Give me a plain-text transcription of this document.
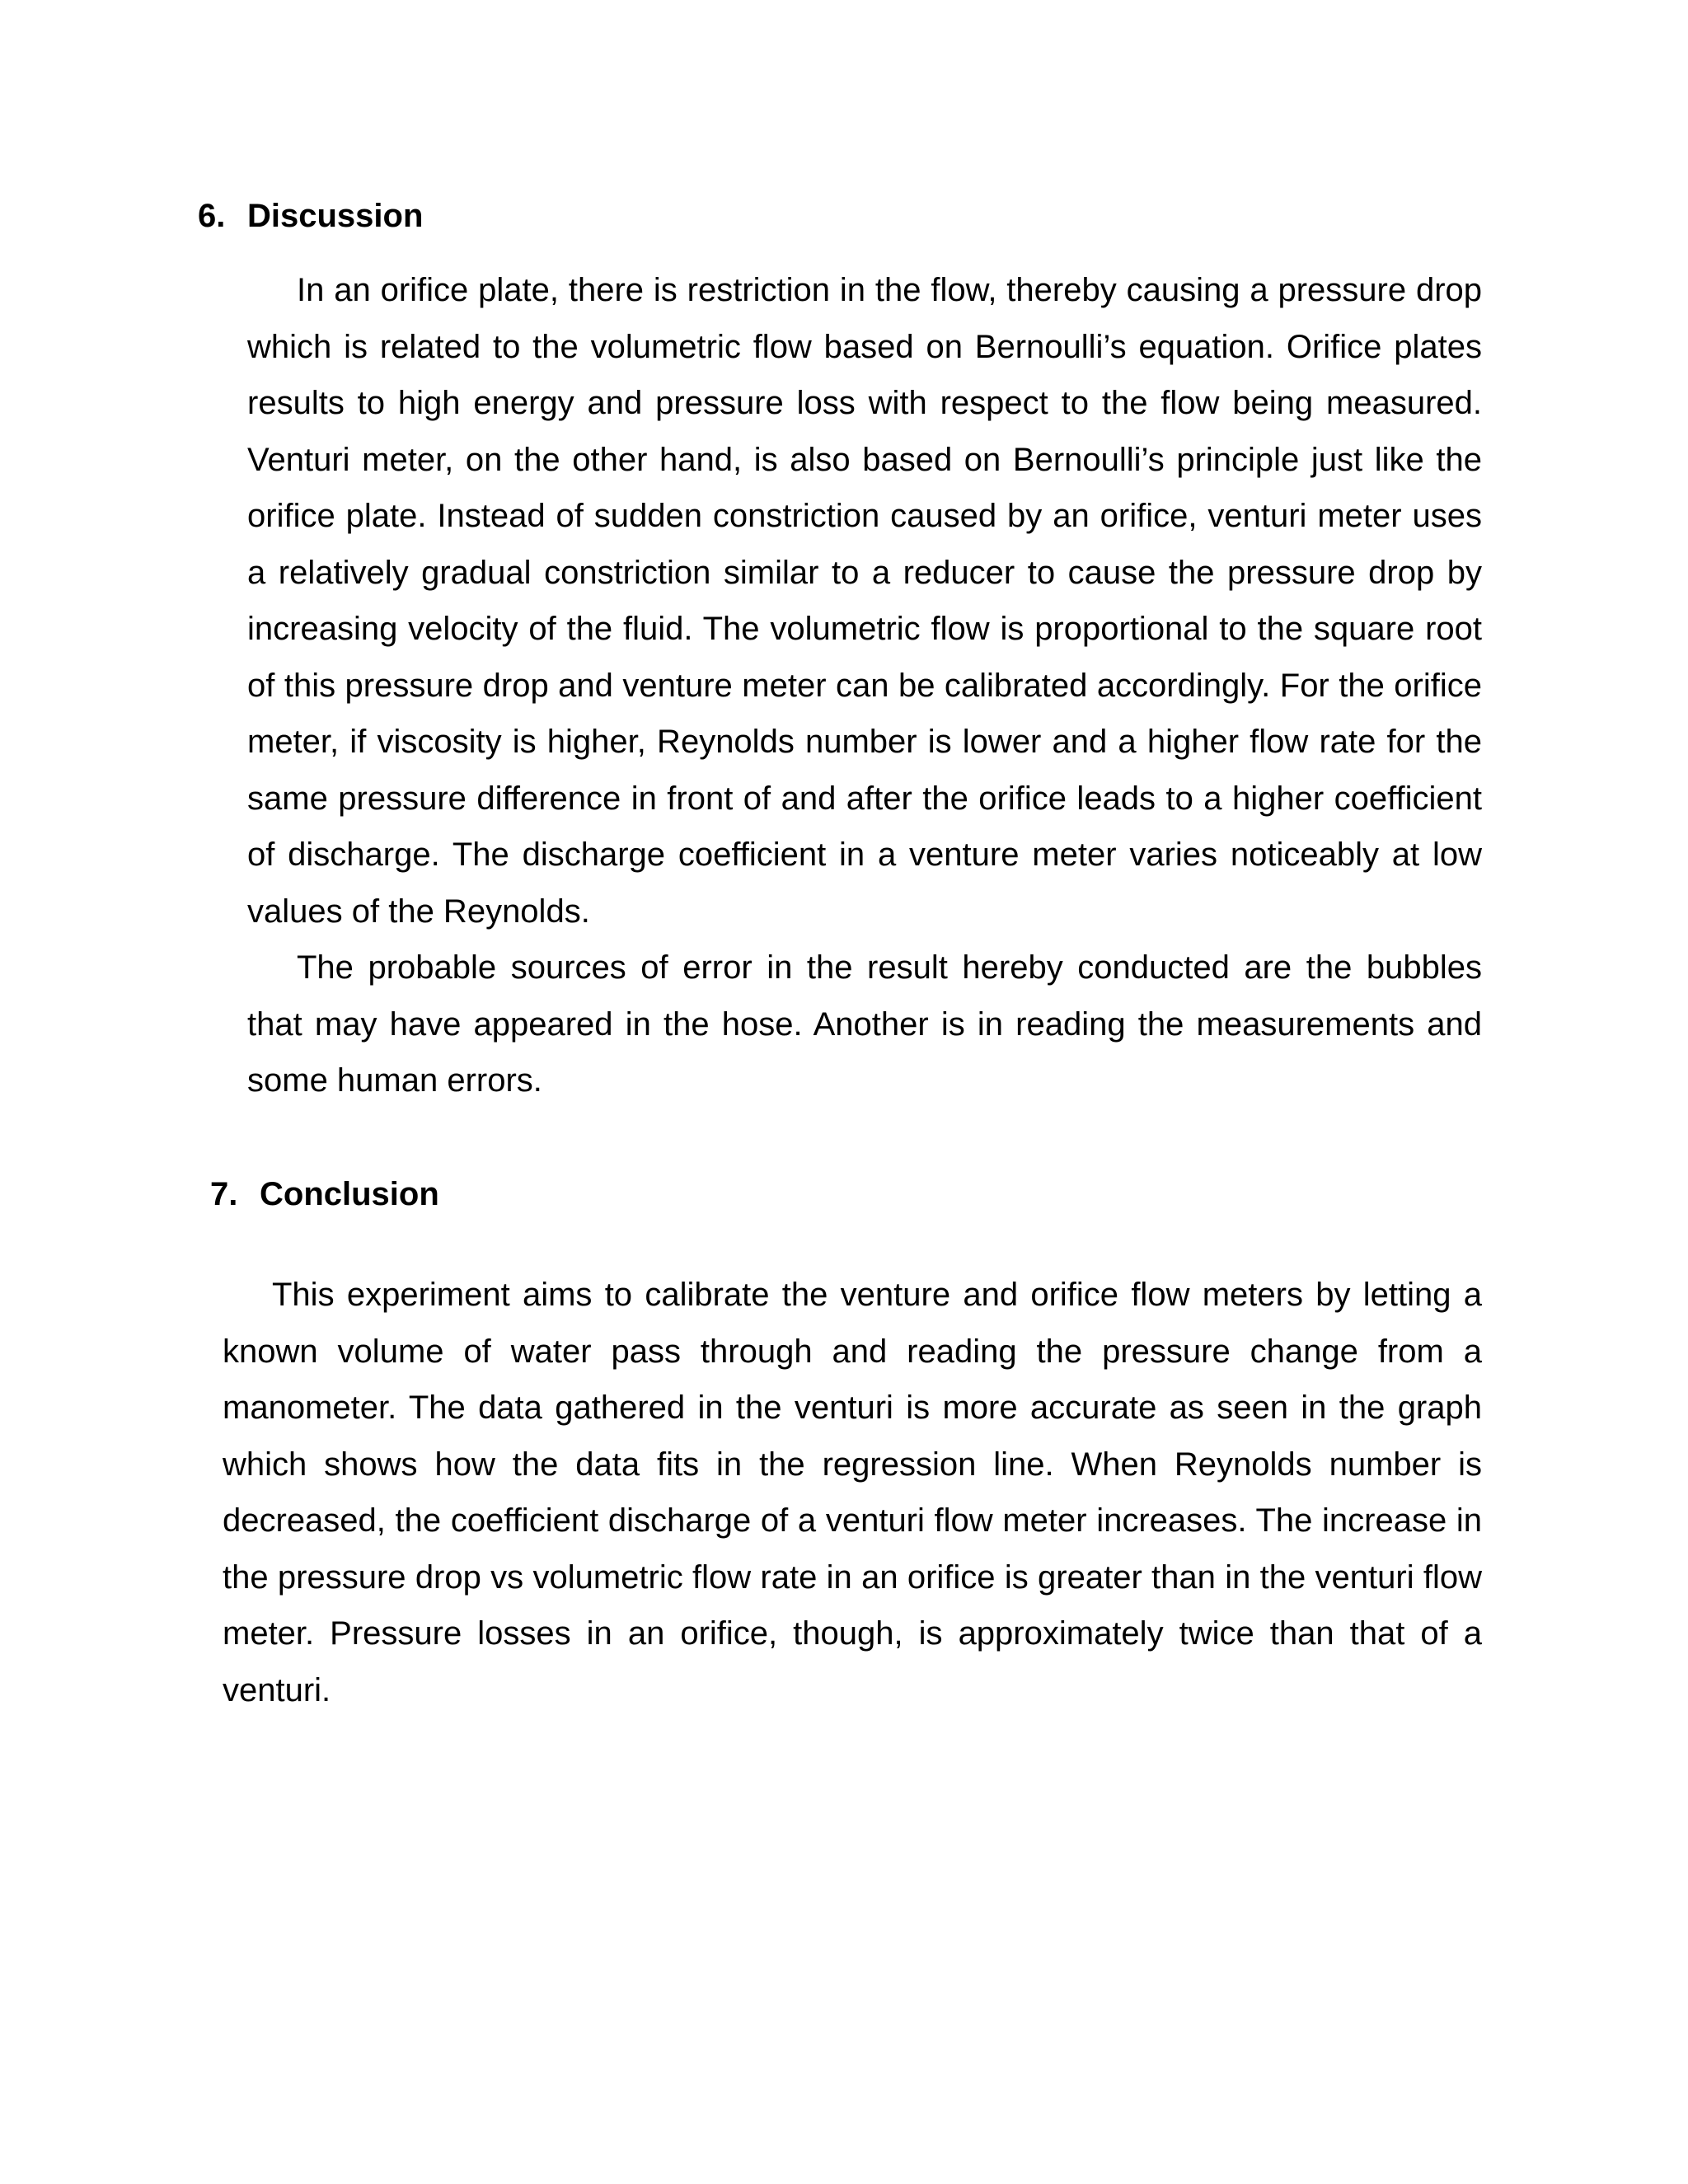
6. Discussion

In an orifice plate, there is restriction in the flow, thereby causing a pressure drop which is related to the volumetric flow based on Bernoulli’s equation. Orifice plates results to high energy and pressure loss with respect to the flow being measured. Venturi meter, on the other hand, is also based on Bernoulli’s principle just like the orifice plate. Instead of sudden constriction caused by an orifice, venturi meter uses a relatively gradual constriction similar to a reducer to cause the pressure drop by increasing velocity of the fluid. The volumetric flow is proportional to the square root of this pressure drop and venture meter can be calibrated accordingly. For the orifice meter, if viscosity is higher, Reynolds number is lower and a higher flow rate for the same pressure difference in front of and after the orifice leads to a higher coefficient of discharge. The discharge coefficient in a venture meter varies noticeably at low values of the Reynolds.

The probable sources of error in the result hereby conducted are the bubbles that may have appeared in the hose. Another is in reading the measurements and some human errors.

7. Conclusion

This experiment aims to calibrate the venture and orifice flow meters by letting a known volume of water pass through and reading the pressure change from a manometer. The data gathered in the venturi is more accurate as seen in the graph which shows how the data fits in the regression line. When Reynolds number is decreased, the coefficient discharge of a venturi flow meter increases. The increase in the pressure drop vs volumetric flow rate in an orifice is greater than in the venturi flow meter. Pressure losses in an orifice, though, is approximately twice than that of a venturi.
